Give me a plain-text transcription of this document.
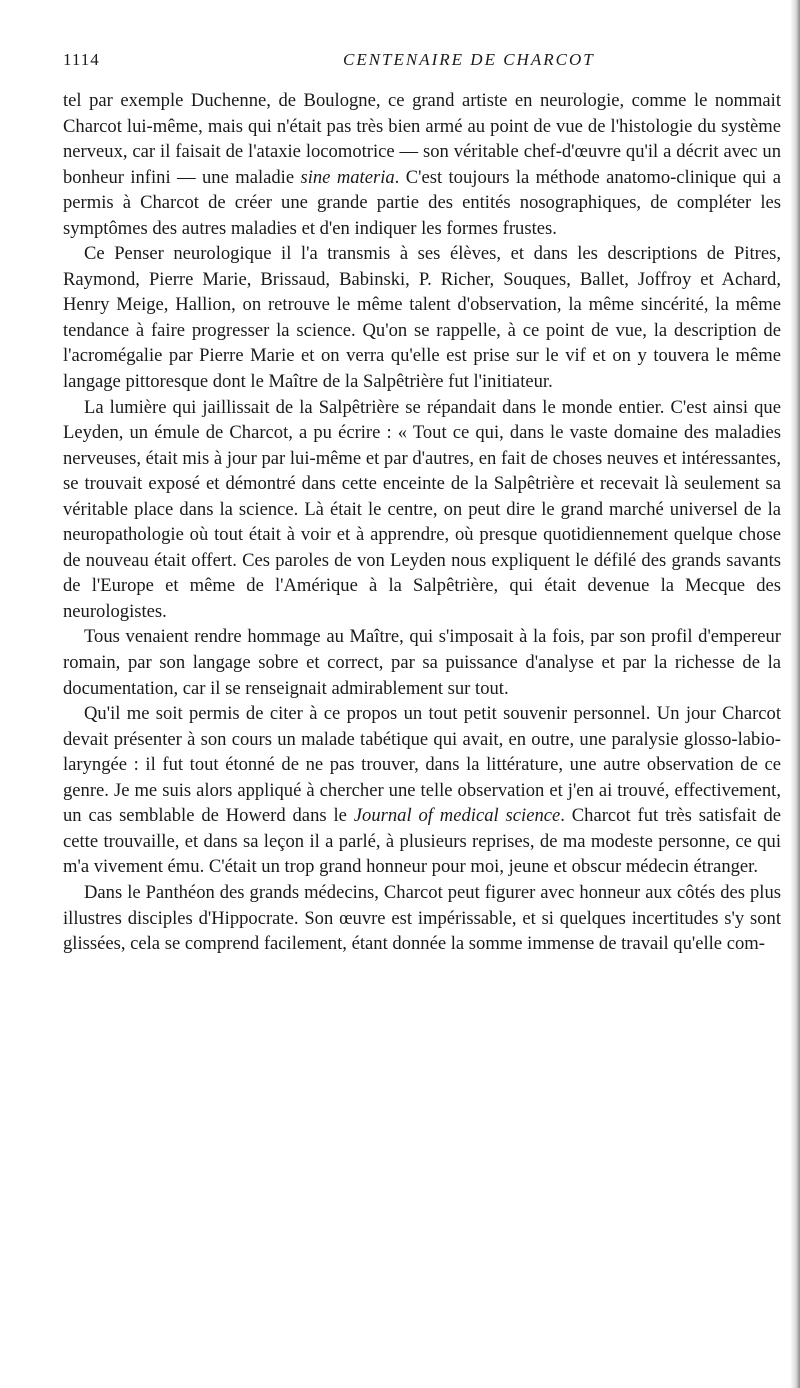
1114	CENTENAIRE DE CHARCOT

tel par exemple Duchenne, de Boulogne, ce grand artiste en neurologie, comme le nommait Charcot lui-même, mais qui n'était pas très bien armé au point de vue de l'histologie du système nerveux, car il faisait de l'ataxie locomotrice — son véritable chef-d'œuvre qu'il a décrit avec un bonheur infini — une maladie sine materia. C'est toujours la méthode anatomo-clinique qui a permis à Charcot de créer une grande partie des entités nosographiques, de compléter les symptômes des autres maladies et d'en indiquer les formes frustes.

Ce Penser neurologique il l'a transmis à ses élèves, et dans les descriptions de Pitres, Raymond, Pierre Marie, Brissaud, Babinski, P. Richer, Souques, Ballet, Joffroy et Achard, Henry Meige, Hallion, on retrouve le même talent d'observation, la même sincérité, la même tendance à faire progresser la science. Qu'on se rappelle, à ce point de vue, la description de l'acromégalie par Pierre Marie et on verra qu'elle est prise sur le vif et on y touvera le même langage pittoresque dont le Maître de la Salpêtrière fut l'initiateur.

La lumière qui jaillissait de la Salpêtrière se répandait dans le monde entier. C'est ainsi que Leyden, un émule de Charcot, a pu écrire : « Tout ce qui, dans le vaste domaine des maladies nerveuses, était mis à jour par lui-même et par d'autres, en fait de choses neuves et intéressantes, se trouvait exposé et démontré dans cette enceinte de la Salpêtrière et recevait là seulement sa véritable place dans la science. Là était le centre, on peut dire le grand marché universel de la neuropathologie où tout était à voir et à apprendre, où presque quotidiennement quelque chose de nouveau était offert. Ces paroles de von Leyden nous expliquent le défilé des grands savants de l'Europe et même de l'Amérique à la Salpêtrière, qui était devenue la Mecque des neurologistes.

Tous venaient rendre hommage au Maître, qui s'imposait à la fois, par son profil d'empereur romain, par son langage sobre et correct, par sa puissance d'analyse et par la richesse de la documentation, car il se renseignait admirablement sur tout.

Qu'il me soit permis de citer à ce propos un tout petit souvenir personnel. Un jour Charcot devait présenter à son cours un malade tabétique qui avait, en outre, une paralysie glosso-labio-laryngée : il fut tout étonné de ne pas trouver, dans la littérature, une autre observation de ce genre. Je me suis alors appliqué à chercher une telle observation et j'en ai trouvé, effectivement, un cas semblable de Howerd dans le Journal of medical science. Charcot fut très satisfait de cette trouvaille, et dans sa leçon il a parlé, à plusieurs reprises, de ma modeste personne, ce qui m'a vivement ému. C'était un trop grand honneur pour moi, jeune et obscur médecin étranger.

Dans le Panthéon des grands médecins, Charcot peut figurer avec honneur aux côtés des plus illustres disciples d'Hippocrate. Son œuvre est impérissable, et si quelques incertitudes s'y sont glissées, cela se comprend facilement, étant donnée la somme immense de travail qu'elle com-
